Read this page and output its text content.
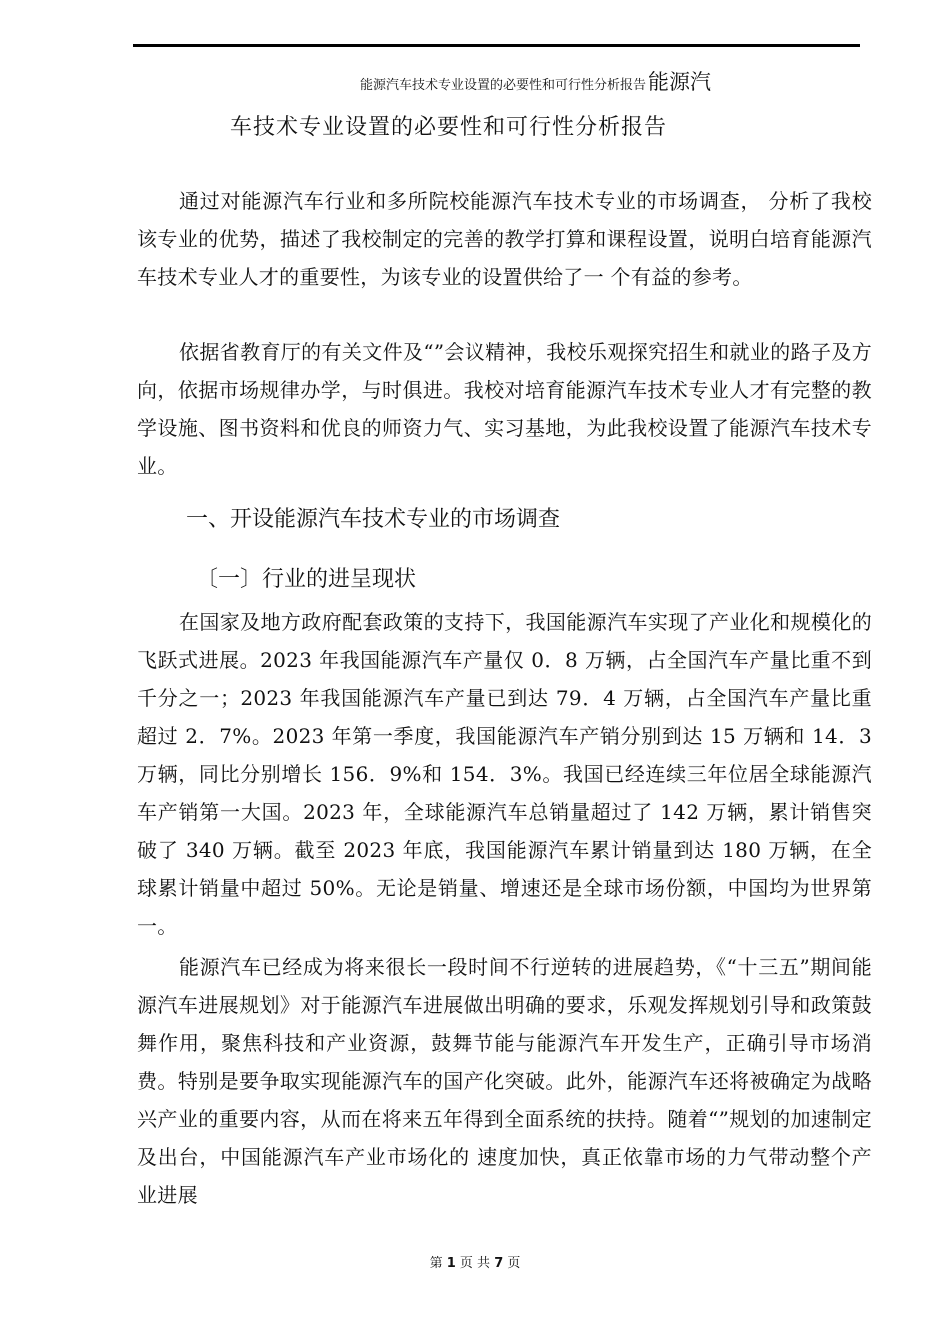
能源汽车技术专业设置的必要性和可行性分析报告能源汽
车技术专业设置的必要性和可行性分析报告
通过对能源汽车行业和多所院校能源汽车技术专业的市场调查， 分析了我校该专业的优势，描述了我校制定的完善的教学打算和课程设置，说明白培育能源汽车技术专业人才的重要性，为该专业的设置供给了一 个有益的参考。
依据省教育厅的有关文件及“”会议精神，我校乐观探究招生和就业的路子及方向，依据市场规律办学，与时俱进。我校对培育能源汽车技术专业人才有完整的教学设施、图书资料和优良的师资力气、实习基地，为此我校设置了能源汽车技术专业。
一、开设能源汽车技术专业的市场调查
〔一〕行业的进呈现状
在国家及地方政府配套政策的支持下，我国能源汽车实现了产业化和规模化的飞跃式进展。2023 年我国能源汽车产量仅 0．8 万辆，占全国汽车产量比重不到千分之一；2023 年我国能源汽车产量已到达 79．4 万辆，占全国汽车产量比重超过 2．7%。2023 年第一季度，我国能源汽车产销分别到达 15 万辆和 14．3 万辆，同比分别增长 156．9%和 154．3%。我国已经连续三年位居全球能源汽车产销第一大国。2023 年，全球能源汽车总销量超过了 142 万辆，累计销售突破了 340 万辆。截至 2023 年底，我国能源汽车累计销量到达 180 万辆，在全球累计销量中超过 50%。无论是销量、增速还是全球市场份额，中国均为世界第一。
能源汽车已经成为将来很长一段时间不行逆转的进展趋势，《“十三五”期间能源汽车进展规划》对于能源汽车进展做出明确的要求，乐观发挥规划引导和政策鼓舞作用，聚焦科技和产业资源，鼓舞节能与能源汽车开发生产，正确引导市场消费。特别是要争取实现能源汽车的国产化突破。此外，能源汽车还将被确定为战略兴产业的重要内容，从而在将来五年得到全面系统的扶持。随着“”规划的加速制定及出台，中国能源汽车产业市场化的 速度加快，真正依靠市场的力气带动整个产业进展
第 1 页 共 7 页
